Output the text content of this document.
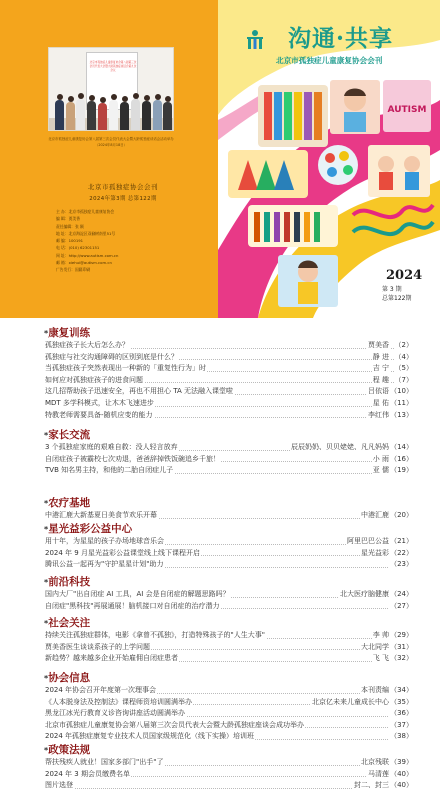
北京市孤独症儿童康复协会第八届第三次会员代表大会暨大龄孤独症谈话会第九次会议
北京市孤独症儿童康复协会第八届第三次会员代表大会暨大龄孤独症谈话会活动举办（2024年8月18日）
北京市孤独症协会会刊
2024年第3期 总第122期
主 办：北京市孤独症儿童康复协会
编 辑：贾美香
责任编辑：张 颖
地 址：北京海淀区双榆树南里51号
邮 编：100191
电 话：(010) 62301151
网 址：http://www.autism.com.cn
邮 箱：xiehui@autism.com.cn
广告发行：国籍印刷
AUTISM
沟通·共享
北京市孤独症儿童康复协会会刊
2024
第 3 期
总第122期
*康复训练
孤独症孩子长大后怎么办？	贾美香 （2）
孤独症与社交沟通障碍的区别到底是什么？	静 进 （4）
当孤独症孩子突然表现出一种新的「重复性行为」时	吉 宁 （5）
如何应对孤独症孩子的进食问题	程 趣 （7）
这几招帮助孩子迅速安全，再也不用担心 TA 无法融入课堂啦	吕依语 （10）
MDT 多学科模式，让木木飞速进步	星 佑 （11）
特教老师需要具备-随机应变的能力	李红伟 （13）
*家长交流
3 个孤独症家庭的艰难自救：没人轻言放弃	辰辰奶奶、贝贝姥姥、凡凡妈妈 （14）
自闭症孩子被霸校七次劝退，爸爸辞掉铁饭碗追乡千旅！	小 雨 （16）
TVB 知名男主持，和他的二胎自闭症儿子	亚 儒 （19）
*农疗基地
中港汇鹿大新基夏日美食节欢乐开幕	中港汇鹿 （20）
*星光益彩公益中心
用十年，为星星的孩子办场地球音乐会	阿里巴巴公益 （21）
2024 年 9 月星光益彩公益课堂线上线下课程开启	星光益彩 （22）
腾讯公益一起再为"守护星星计划"助力	（23）
*前沿科技
国内大厂"出自闭症 AI 工具，AI 会是自闭症的解题思路吗？	北大医疗脑健康 （24）
自闭症"黑科技"再展通展！脑机接口对自闭症的治疗潜力	（27）
*社会关注
持续关注孤独症群体，电影《拿曾不孤独》，打造特殊孩子的"人生大事"	李 帅 （29）
贾美香医生谈谈系孩子的上学问题	大北同学 （31）
新趋势？越来越多企业开始雇佣自闭症患者	飞 飞 （32）
*协会信息
2024 年协会召开年度第一次理事会	本刊责编 （34）
《人本脱身法及控制法》课程师资培训圆满举办	北京亿未来儿童成长中心 （35）
黑龙江冰光行教育义诊咨询讲座活动圆满举办	（36）
北京市孤独症儿童康复协会第八届第三次会员代表大会暨大龄孤独症座谈会成功举办	（37）
2024 年孤独症康复专业技术人员国家级规范化（线下实操）培训班	（38）
*政策法规
帮扶残疾人就业！国家多部门"出手"了	北京残联 （39）
2024 年 3 期会员缴费名单	马清莲 （40）
图片选登	封二、封三 （40）
